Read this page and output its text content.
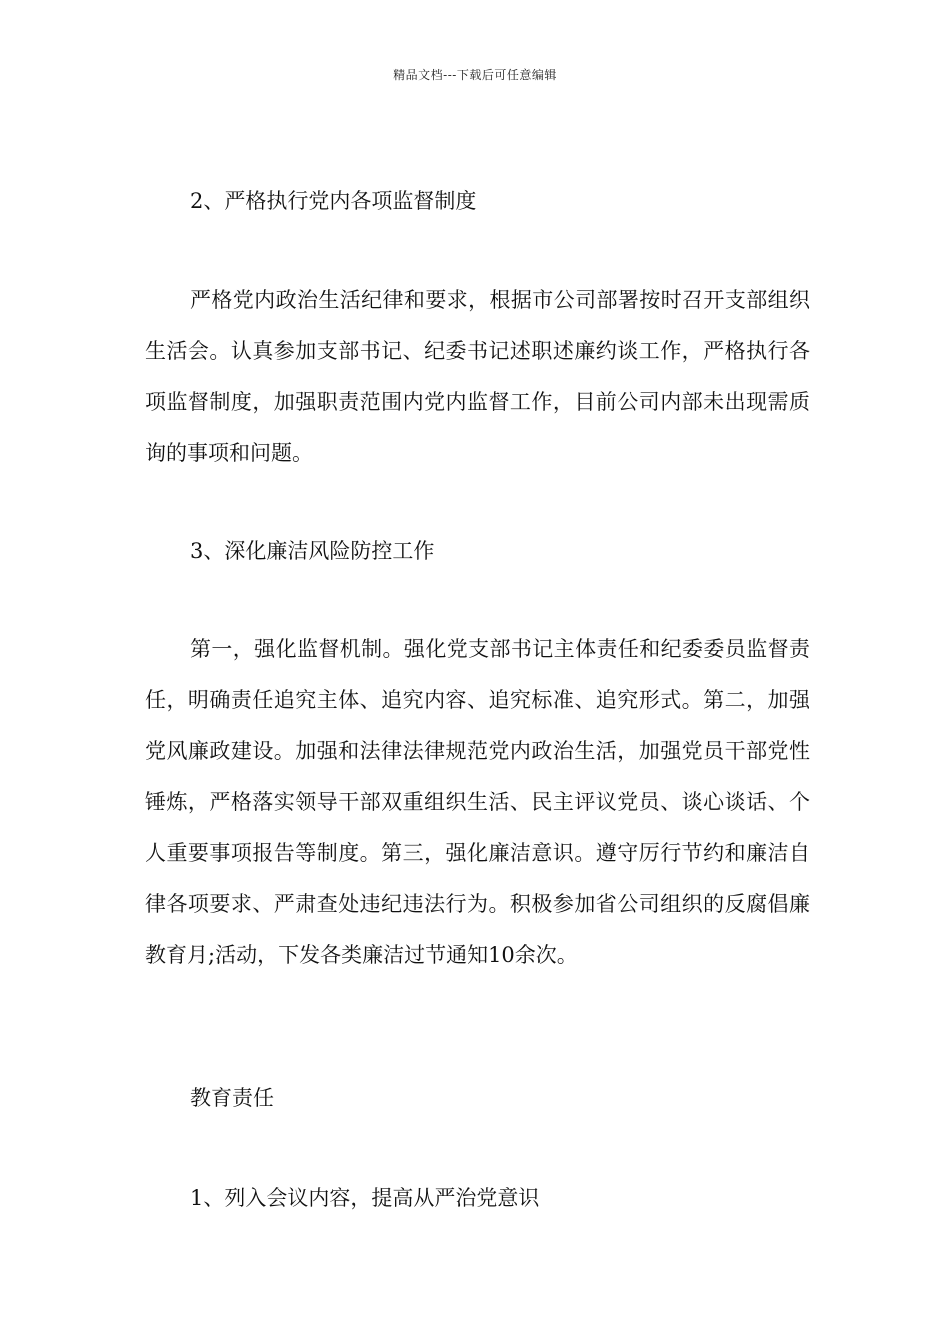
精品文档---下载后可任意编辑
2、严格执行党内各项监督制度
严格党内政治生活纪律和要求，根据市公司部署按时召开支部组织生活会。认真参加支部书记、纪委书记述职述廉约谈工作，严格执行各项监督制度，加强职责范围内党内监督工作，目前公司内部未出现需质询的事项和问题。
3、深化廉洁风险防控工作
第一，强化监督机制。强化党支部书记主体责任和纪委委员监督责任，明确责任追究主体、追究内容、追究标准、追究形式。第二，加强党风廉政建设。加强和法律法律规范党内政治生活，加强党员干部党性锤炼，严格落实领导干部双重组织生活、民主评议党员、谈心谈话、个人重要事项报告等制度。第三，强化廉洁意识。遵守厉行节约和廉洁自律各项要求、严肃查处违纪违法行为。积极参加省公司组织的反腐倡廉教育月;活动，下发各类廉洁过节通知10余次。
教育责任
1、列入会议内容，提高从严治党意识
